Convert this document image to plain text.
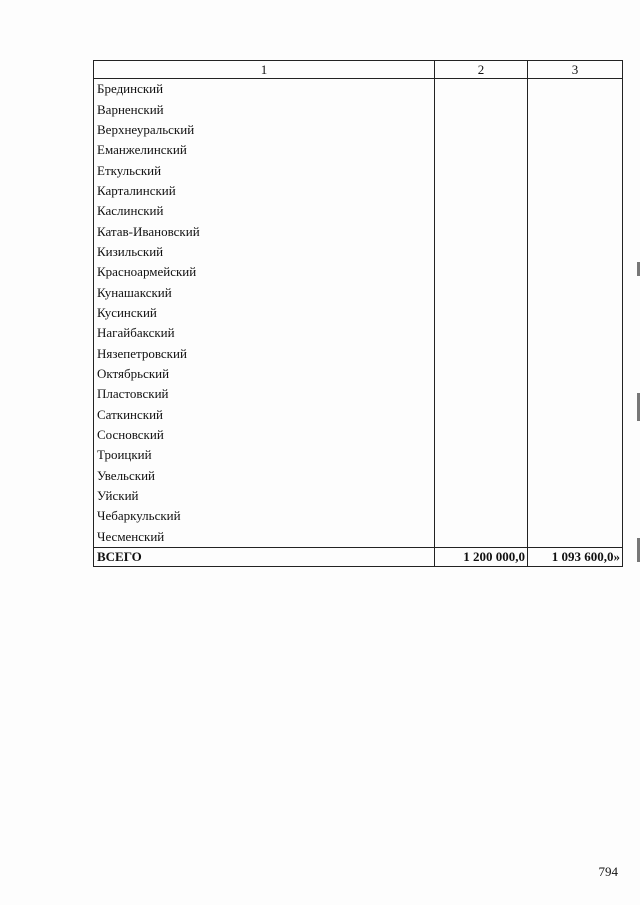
1	2	3
Брединский		
Варненский		
Верхнеуральский		
Еманжелинский		
Еткульский		
Карталинский		
Каслинский		
Катав-Ивановский		
Кизильский		
Красноармейский		
Кунашакский		
Кусинский		
Нагайбакский		
Нязепетровский		
Октябрьский		
Пластовский		
Саткинский		
Сосновский		
Троицкий		
Увельский		
Уйский		
Чебаркульский		
Чесменский		
ВСЕГО	1 200 000,0	1 093 600,0»
794
